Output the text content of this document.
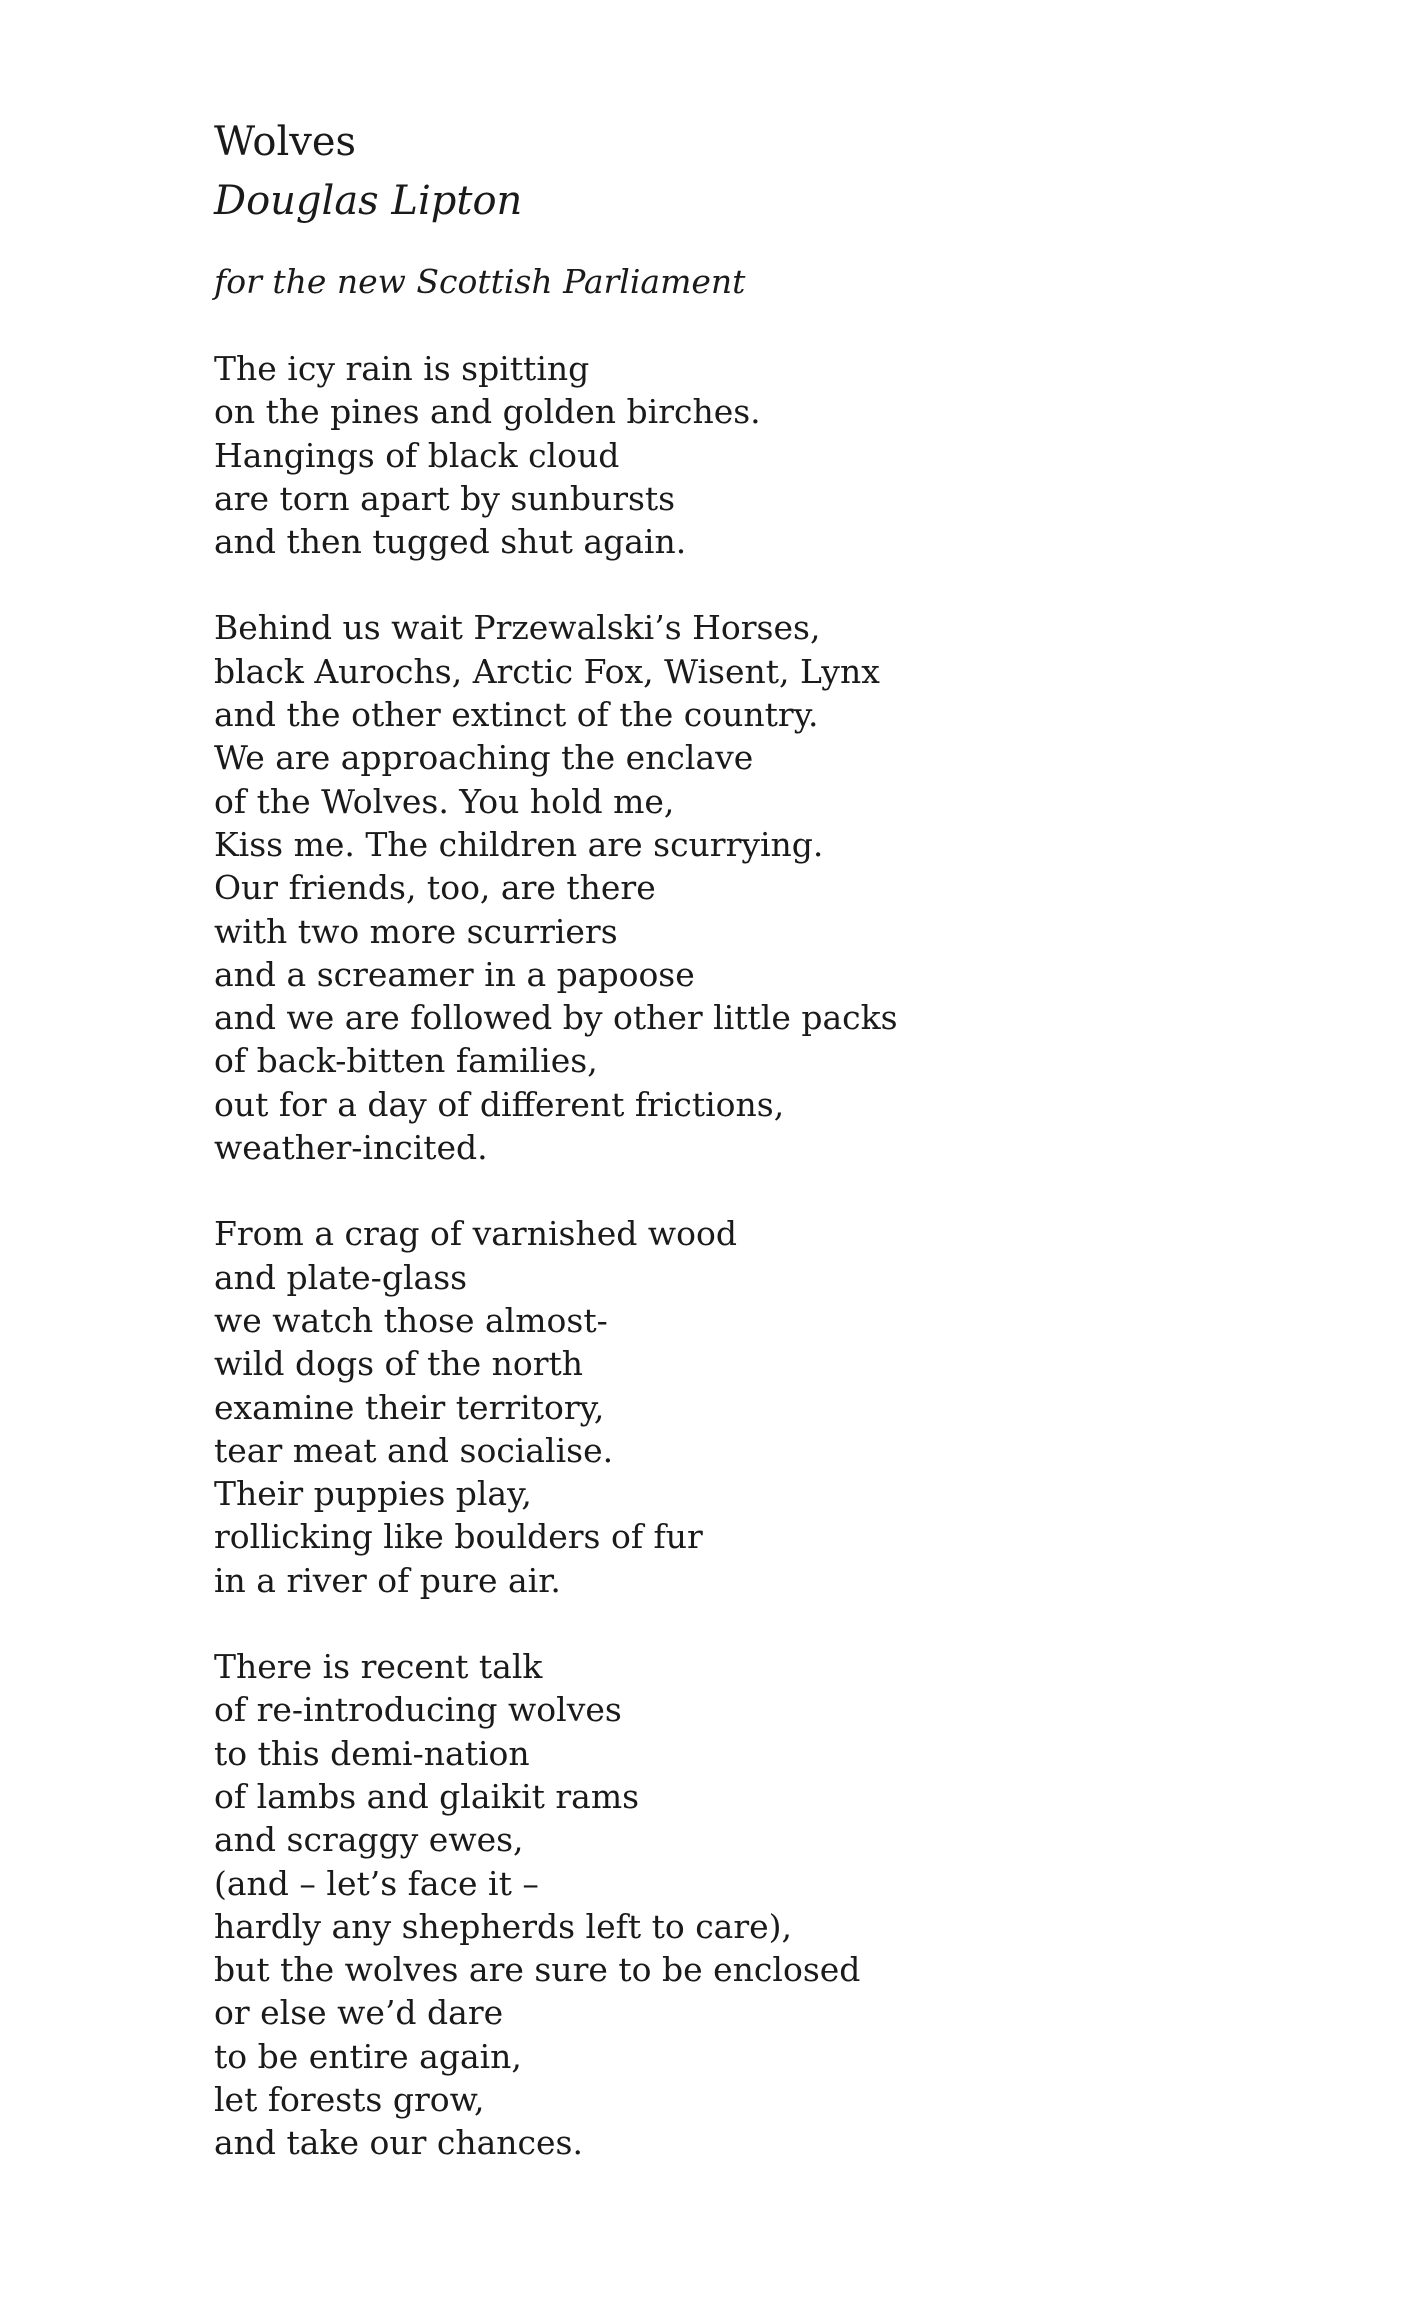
Wolves
Douglas Lipton

for the new Scottish Parliament

The icy rain is spitting
on the pines and golden birches.
Hangings of black cloud
are torn apart by sunbursts
and then tugged shut again.
Behind us wait Przewalski’s Horses,
black Aurochs, Arctic Fox, Wisent, Lynx
and the other extinct of the country.
We are approaching the enclave
of the Wolves. You hold me,
Kiss me. The children are scurrying.
Our friends, too, are there
with two more scurriers
and a screamer in a papoose
and we are followed by other little packs
of back-bitten families,
out for a day of different frictions,
weather-incited.
From a crag of varnished wood
and plate-glass
we watch those almost-
wild dogs of the north
examine their territory,
tear meat and socialise.
Their puppies play,
rollicking like boulders of fur
in a river of pure air.
There is recent talk
of re-introducing wolves
to this demi-nation
of lambs and glaikit rams
and scraggy ewes,
(and – let’s face it –
hardly any shepherds left to care),
but the wolves are sure to be enclosed
or else we’d dare
to be entire again,
let forests grow,
and take our chances.
